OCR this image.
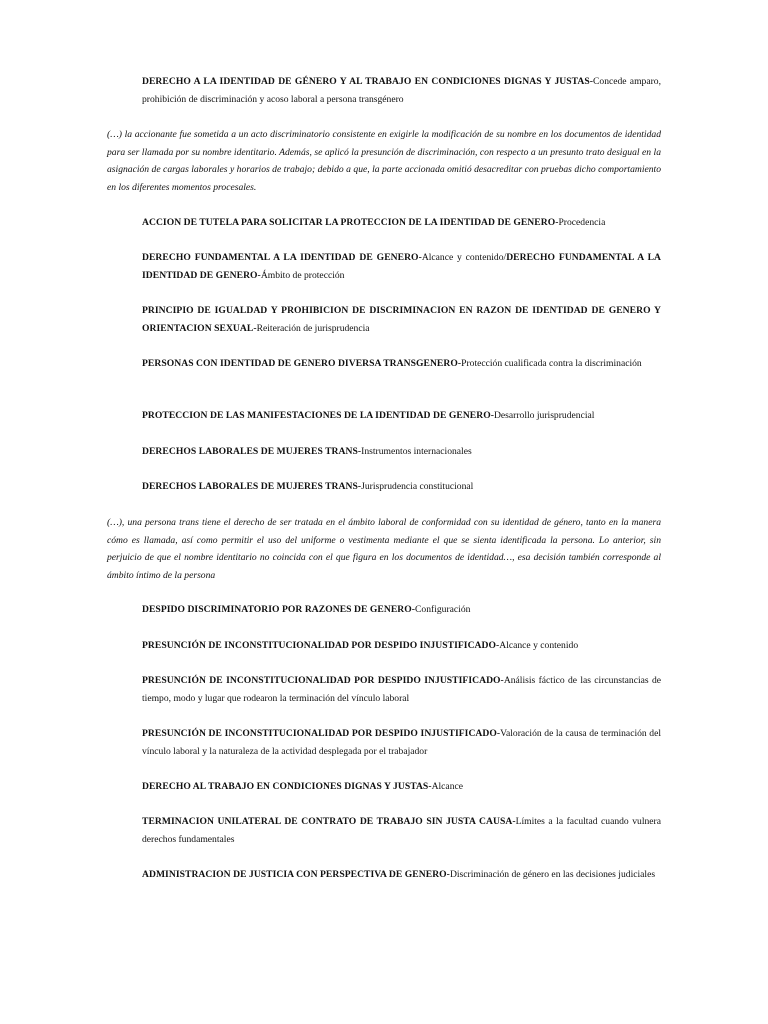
DERECHO A LA IDENTIDAD DE GÉNERO Y AL TRABAJO EN CONDICIONES DIGNAS Y JUSTAS-Concede amparo, prohibición de discriminación y acoso laboral a persona transgénero
(…) la accionante fue sometida a un acto discriminatorio consistente en exigirle la modificación de su nombre en los documentos de identidad para ser llamada por su nombre identitario. Además, se aplicó la presunción de discriminación, con respecto a un presunto trato desigual en la asignación de cargas laborales y horarios de trabajo; debido a que, la parte accionada omitió desacreditar con pruebas dicho comportamiento en los diferentes momentos procesales.
ACCION DE TUTELA PARA SOLICITAR LA PROTECCION DE LA IDENTIDAD DE GENERO-Procedencia
DERECHO FUNDAMENTAL A LA IDENTIDAD DE GENERO-Alcance y contenido/DERECHO FUNDAMENTAL A LA IDENTIDAD DE GENERO-Ámbito de protección
PRINCIPIO DE IGUALDAD Y PROHIBICION DE DISCRIMINACION EN RAZON DE IDENTIDAD DE GENERO Y ORIENTACION SEXUAL-Reiteración de jurisprudencia
PERSONAS CON IDENTIDAD DE GENERO DIVERSA TRANSGENERO-Protección cualificada contra la discriminación
PROTECCION DE LAS MANIFESTACIONES DE LA IDENTIDAD DE GENERO-Desarrollo jurisprudencial
DERECHOS LABORALES DE MUJERES TRANS-Instrumentos internacionales
DERECHOS LABORALES DE MUJERES TRANS-Jurisprudencia constitucional
(…), una persona trans tiene el derecho de ser tratada en el ámbito laboral de conformidad con su identidad de género, tanto en la manera cómo es llamada, así como permitir el uso del uniforme o vestimenta mediante el que se sienta identificada la persona. Lo anterior, sin perjuicio de que el nombre identitario no coincida con el que figura en los documentos de identidad…, esa decisión también corresponde al ámbito íntimo de la persona
DESPIDO DISCRIMINATORIO POR RAZONES DE GENERO-Configuración
PRESUNCIÓN DE INCONSTITUCIONALIDAD POR DESPIDO INJUSTIFICADO-Alcance y contenido
PRESUNCIÓN DE INCONSTITUCIONALIDAD POR DESPIDO INJUSTIFICADO-Análisis fáctico de las circunstancias de tiempo, modo y lugar que rodearon la terminación del vínculo laboral
PRESUNCIÓN DE INCONSTITUCIONALIDAD POR DESPIDO INJUSTIFICADO-Valoración de la causa de terminación del vínculo laboral y la naturaleza de la actividad desplegada por el trabajador
DERECHO AL TRABAJO EN CONDICIONES DIGNAS Y JUSTAS-Alcance
TERMINACION UNILATERAL DE CONTRATO DE TRABAJO SIN JUSTA CAUSA-Límites a la facultad cuando vulnera derechos fundamentales
ADMINISTRACION DE JUSTICIA CON PERSPECTIVA DE GENERO-Discriminación de género en las decisiones judiciales
